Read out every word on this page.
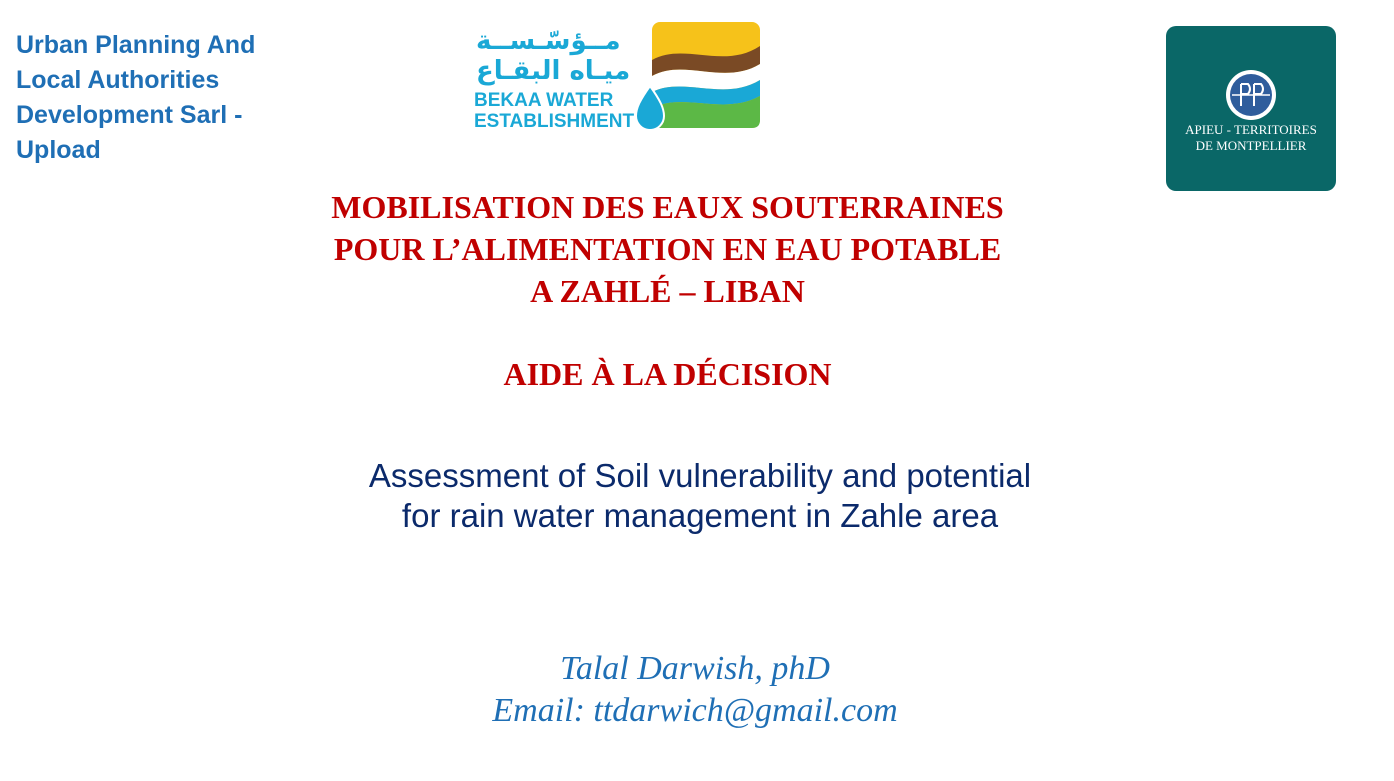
Urban Planning And
Local Authorities
Development Sarl -
Upload
مــؤسّـســة
ميـاه البقـاع
BEKAA WATER
ESTABLISHMENT	APIEU - TERRITOIRES
DE MONTPELLIER
MOBILISATION DES EAUX SOUTERRAINES
POUR L’ALIMENTATION EN EAU POTABLE
A ZAHLÉ – LIBAN
AIDE À LA DÉCISION
Assessment of Soil vulnerability and potential
for rain water management in Zahle area
Talal Darwish, phD
Email: ttdarwich@gmail.com
